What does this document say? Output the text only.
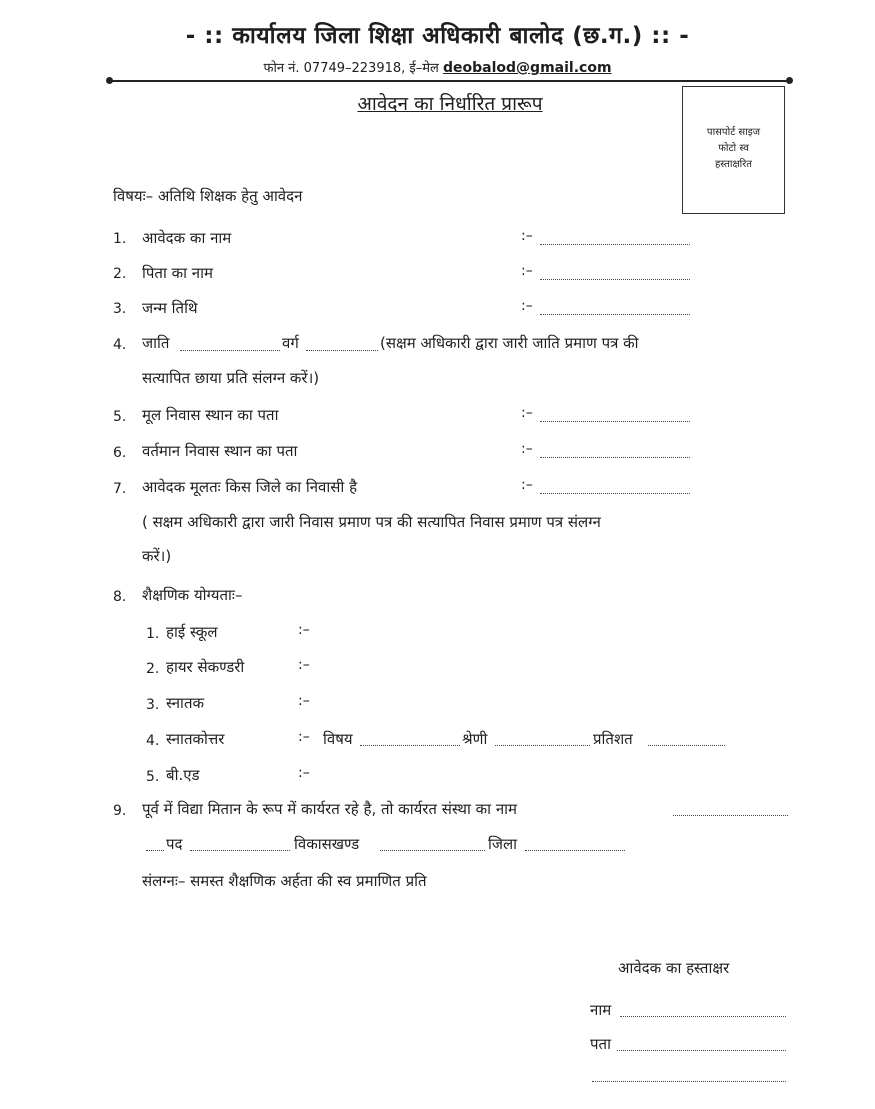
- :: कार्यालय जिला शिक्षा अधिकारी बालोद (छ.ग.) :: -
फोन नं. 07749–223918, ई–मेल deobalod@gmail.com
आवेदन का निर्धारित प्रारूप
पासपोर्ट साइज
फोटो स्व
हस्ताक्षरित
विषयः– अतिथि शिक्षक हेतु आवेदन
1. आवेदक का नाम	:–
2. पिता का नाम	:–
3. जन्म तिथि	:–
4. जाति	वर्ग	(सक्षम अधिकारी द्वारा जारी जाति प्रमाण पत्र की
सत्यापित छाया प्रति संलग्न करें।)
5. मूल निवास स्थान का पता	:–
6. वर्तमान निवास स्थान का पता	:–
7. आवेदक मूलतः किस जिले का निवासी है	:–
( सक्षम अधिकारी द्वारा जारी निवास प्रमाण पत्र की सत्यापित निवास प्रमाण पत्र संलग्न
करें।)
8. शैक्षणिक योग्यताः–
1. हाई स्कूल	:–
2. हायर सेकण्डरी	:–
3. स्नातक	:–
4. स्नातकोत्तर	:– विषय	श्रेणी	प्रतिशत
5. बी.एड	:–
9. पूर्व में विद्या मितान के रूप में कार्यरत रहे है, तो कार्यरत संस्था का नाम
पद	विकासखण्ड	जिला
संलग्नः– समस्त शैक्षणिक अर्हता की स्व प्रमाणित प्रति
आवेदक का हस्ताक्षर
नाम
पता
